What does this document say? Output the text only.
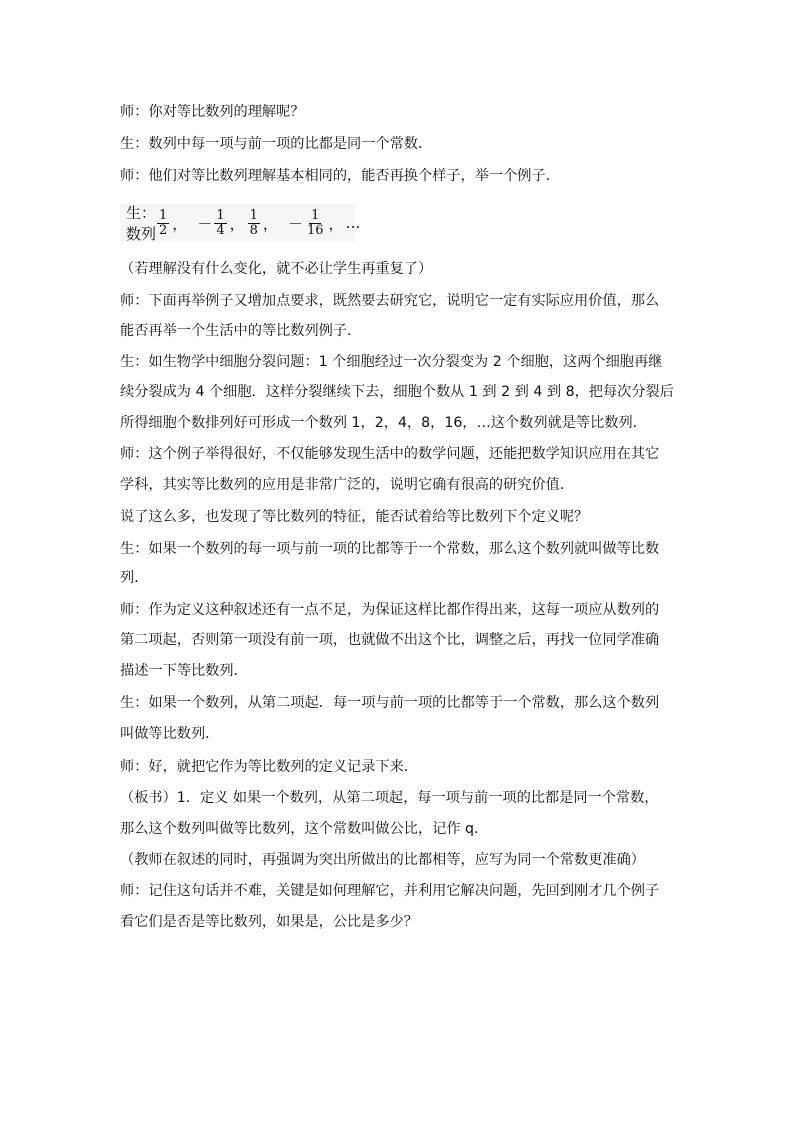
师：你对等比数列的理解呢？
生：数列中每一项与前一项的比都是同一个常数．
师：他们对等比数列理解基本相同的，能否再换个样子，举一个例子．
生：数列 $\frac{1}{2}$ ， － $\frac{1}{4}$ ， $\frac{1}{8}$ ， － $\frac{1}{16}$ ， …
（若理解没有什么变化，就不必让学生再重复了）
师：下面再举例子又增加点要求，既然要去研究它，说明它一定有实际应用价值，那么
能否再举一个生活中的等比数列例子．
生：如生物学中细胞分裂问题：1 个细胞经过一次分裂变为 2 个细胞，这两个细胞再继
续分裂成为 4 个细胞．这样分裂继续下去，细胞个数从 1 到 2 到 4 到 8，把每次分裂后
所得细胞个数排列好可形成一个数列 1，2，4，8，16，…这个数列就是等比数列．
师：这个例子举得很好，不仅能够发现生活中的数学问题，还能把数学知识应用在其它
学科，其实等比数列的应用是非常广泛的，说明它确有很高的研究价值．
说了这么多，也发现了等比数列的特征，能否试着给等比数列下个定义呢？
生：如果一个数列的每一项与前一项的比都等于一个常数，那么这个数列就叫做等比数
列．
师：作为定义这种叙述还有一点不足，为保证这样比都作得出来，这每一项应从数列的
第二项起，否则第一项没有前一项，也就做不出这个比，调整之后，再找一位同学准确
描述一下等比数列．
生：如果一个数列，从第二项起．每一项与前一项的比都等于一个常数，那么这个数列
叫做等比数列．
师：好，就把它作为等比数列的定义记录下来．
（板书）1．定义 如果一个数列，从第二项起，每一项与前一项的比都是同一个常数，
那么这个数列叫做等比数列，这个常数叫做公比，记作 q．
（教师在叙述的同时，再强调为突出所做出的比都相等，应写为同一个常数更准确）
师：记住这句话并不难，关键是如何理解它，并利用它解决问题，先回到刚才几个例子
看它们是否是等比数列，如果是，公比是多少？
